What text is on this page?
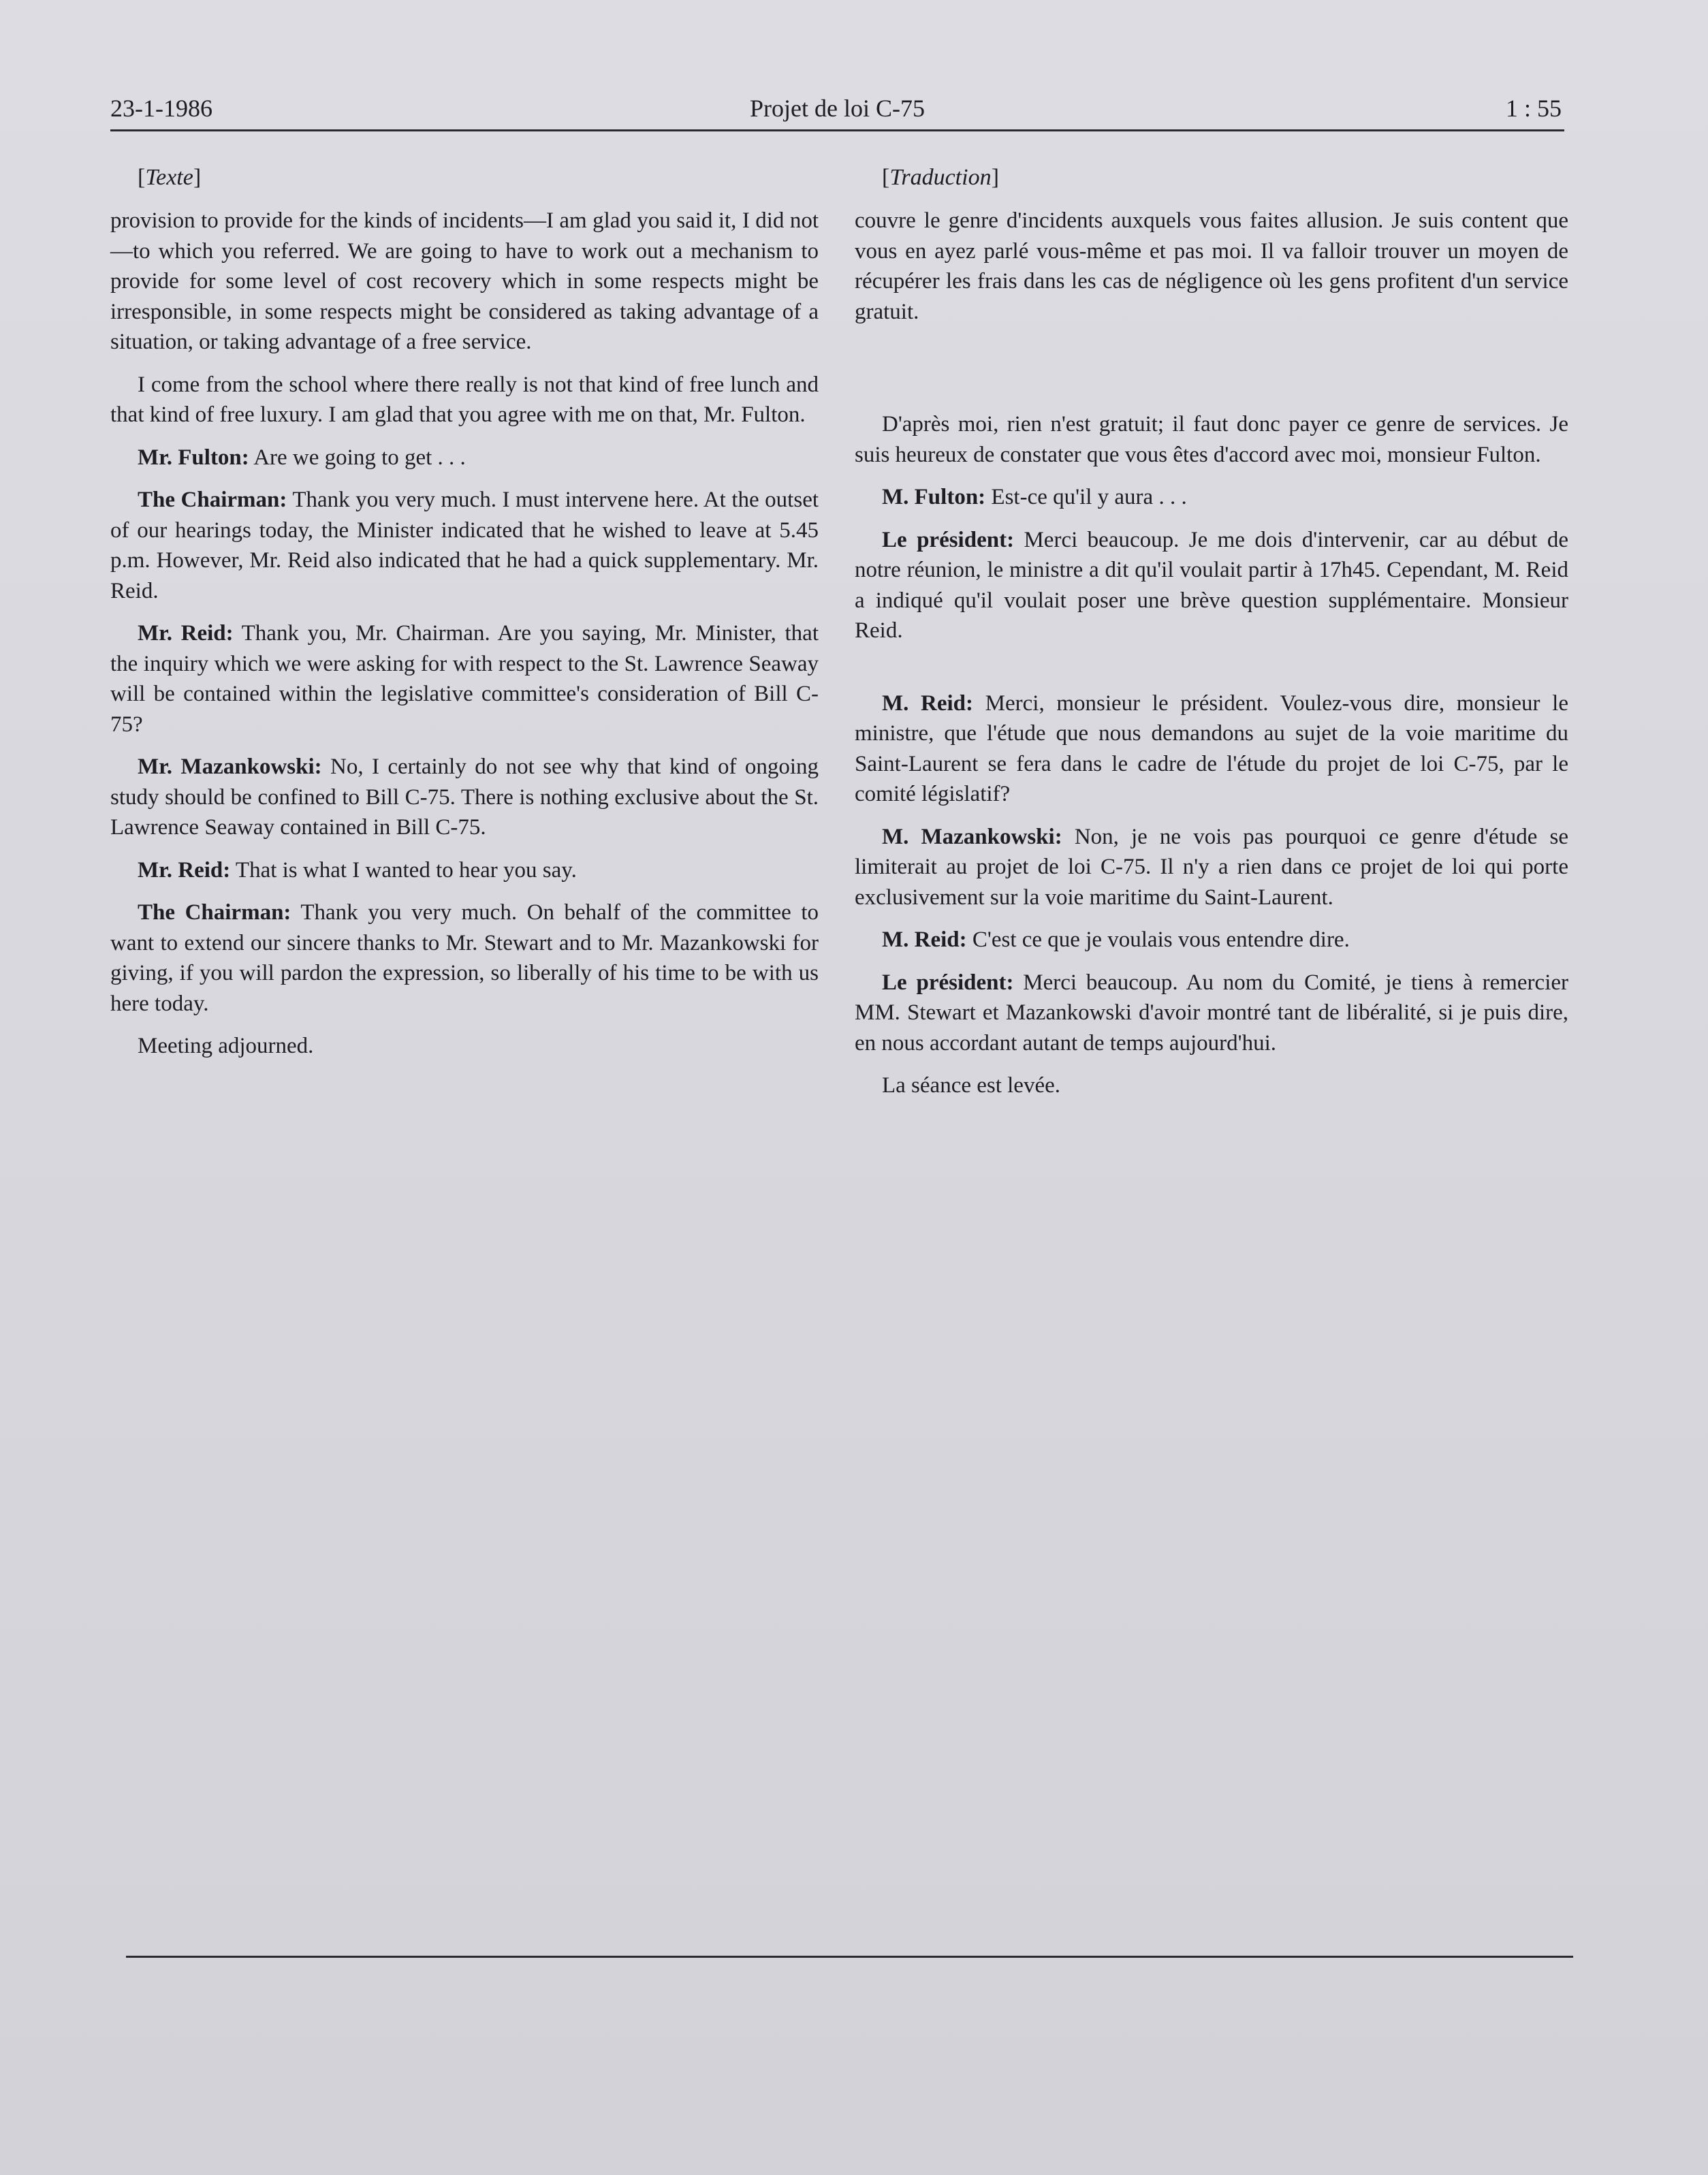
23-1-1986	Projet de loi C-75	1 : 55

[Texte]

provision to provide for the kinds of incidents—I am glad you said it, I did not—to which you referred. We are going to have to work out a mechanism to provide for some level of cost recovery which in some respects might be irresponsible, in some respects might be considered as taking advantage of a situation, or taking advantage of a free service.

I come from the school where there really is not that kind of free lunch and that kind of free luxury. I am glad that you agree with me on that, Mr. Fulton.

Mr. Fulton: Are we going to get . . .

The Chairman: Thank you very much. I must intervene here. At the outset of our hearings today, the Minister indicated that he wished to leave at 5.45 p.m. However, Mr. Reid also indicated that he had a quick supplementary. Mr. Reid.

Mr. Reid: Thank you, Mr. Chairman. Are you saying, Mr. Minister, that the inquiry which we were asking for with respect to the St. Lawrence Seaway will be contained within the legislative committee's consideration of Bill C-75?

Mr. Mazankowski: No, I certainly do not see why that kind of ongoing study should be confined to Bill C-75. There is nothing exclusive about the St. Lawrence Seaway contained in Bill C-75.

Mr. Reid: That is what I wanted to hear you say.

The Chairman: Thank you very much. On behalf of the committee to want to extend our sincere thanks to Mr. Stewart and to Mr. Mazankowski for giving, if you will pardon the expression, so liberally of his time to be with us here today.

Meeting adjourned.

[Traduction]

couvre le genre d'incidents auxquels vous faites allusion. Je suis content que vous en ayez parlé vous-même et pas moi. Il va falloir trouver un moyen de récupérer les frais dans les cas de négligence où les gens profitent d'un service gratuit.

D'après moi, rien n'est gratuit; il faut donc payer ce genre de services. Je suis heureux de constater que vous êtes d'accord avec moi, monsieur Fulton.

M. Fulton: Est-ce qu'il y aura . . .

Le président: Merci beaucoup. Je me dois d'intervenir, car au début de notre réunion, le ministre a dit qu'il voulait partir à 17h45. Cependant, M. Reid a indiqué qu'il voulait poser une brève question supplémentaire. Monsieur Reid.

M. Reid: Merci, monsieur le président. Voulez-vous dire, monsieur le ministre, que l'étude que nous demandons au sujet de la voie maritime du Saint-Laurent se fera dans le cadre de l'étude du projet de loi C-75, par le comité législatif?

M. Mazankowski: Non, je ne vois pas pourquoi ce genre d'étude se limiterait au projet de loi C-75. Il n'y a rien dans ce projet de loi qui porte exclusivement sur la voie maritime du Saint-Laurent.

M. Reid: C'est ce que je voulais vous entendre dire.

Le président: Merci beaucoup. Au nom du Comité, je tiens à remercier MM. Stewart et Mazankowski d'avoir montré tant de libéralité, si je puis dire, en nous accordant autant de temps aujourd'hui.

La séance est levée.
